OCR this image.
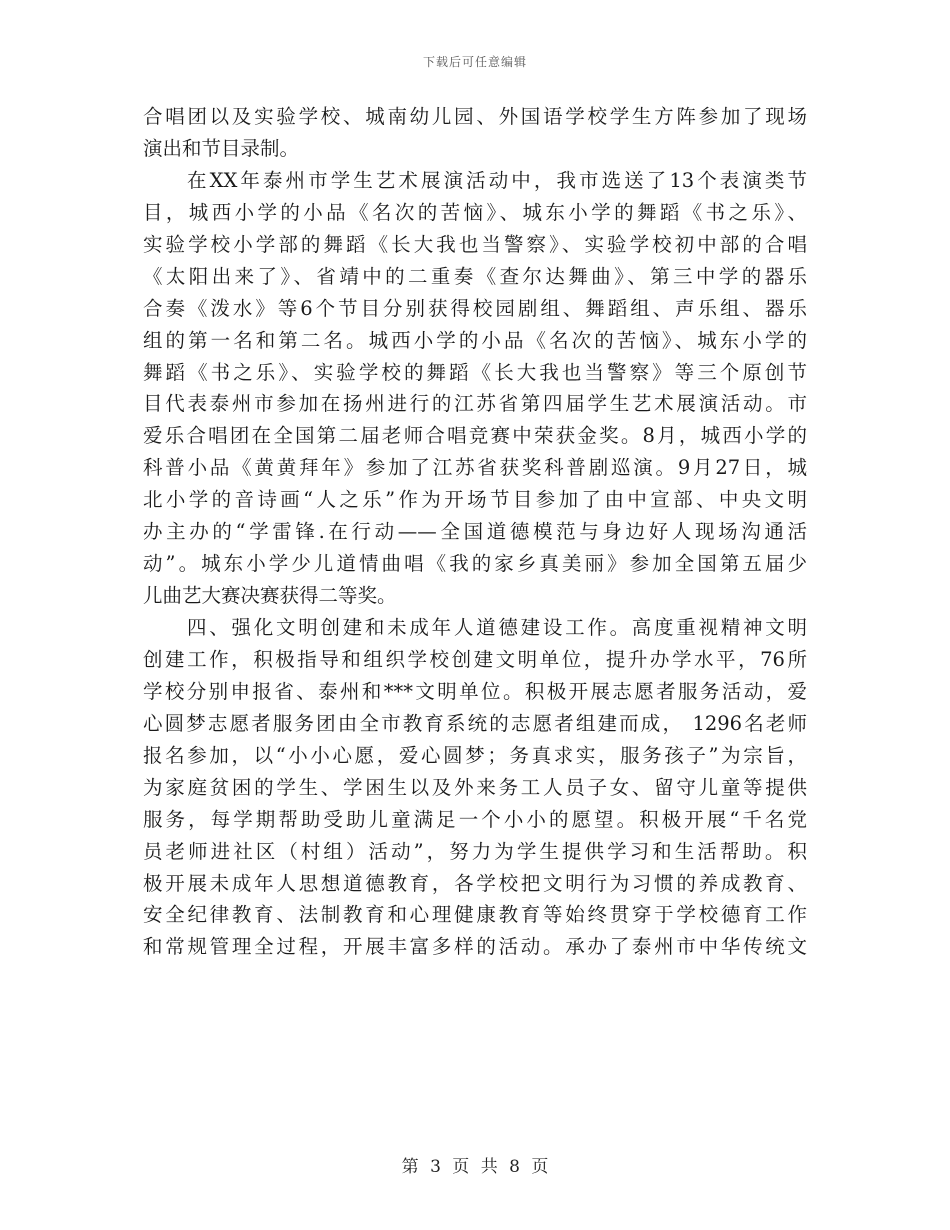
下载后可任意编辑
合唱团以及实验学校、城南幼儿园、外国语学校学生方阵参加了现场
演出和节目录制。
在XX年泰州市学生艺术展演活动中，我市选送了13个表演类节
目，城西小学的小品《名次的苦恼》、城东小学的舞蹈《书之乐》、
实验学校小学部的舞蹈《长大我也当警察》、实验学校初中部的合唱
《太阳出来了》、省靖中的二重奏《查尔达舞曲》、第三中学的器乐
合奏《泼水》等6个节目分别获得校园剧组、舞蹈组、声乐组、器乐
组的第一名和第二名。城西小学的小品《名次的苦恼》、城东小学的
舞蹈《书之乐》、实验学校的舞蹈《长大我也当警察》等三个原创节
目代表泰州市参加在扬州进行的江苏省第四届学生艺术展演活动。市
爱乐合唱团在全国第二届老师合唱竞赛中荣获金奖。8月，城西小学的
科普小品《黄黄拜年》参加了江苏省获奖科普剧巡演。9月27日，城
北小学的音诗画“人之乐”作为开场节目参加了由中宣部、中央文明
办主办的“学雷锋.在行动——全国道德模范与身边好人现场沟通活
动”。城东小学少儿道情曲唱《我的家乡真美丽》参加全国第五届少
儿曲艺大赛决赛获得二等奖。
四、强化文明创建和未成年人道德建设工作。高度重视精神文明
创建工作，积极指导和组织学校创建文明单位，提升办学水平，76所
学校分别申报省、泰州和***文明单位。积极开展志愿者服务活动，爱
心圆梦志愿者服务团由全市教育系统的志愿者组建而成， 1296名老师
报名参加，以“小小心愿，爱心圆梦；务真求实，服务孩子”为宗旨，
为家庭贫困的学生、学困生以及外来务工人员子女、留守儿童等提供
服务，每学期帮助受助儿童满足一个小小的愿望。积极开展“千名党
员老师进社区（村组）活动”，努力为学生提供学习和生活帮助。积
极开展未成年人思想道德教育，各学校把文明行为习惯的养成教育、
安全纪律教育、法制教育和心理健康教育等始终贯穿于学校德育工作
和常规管理全过程，开展丰富多样的活动。承办了泰州市中华传统文
第 3 页 共 8 页
